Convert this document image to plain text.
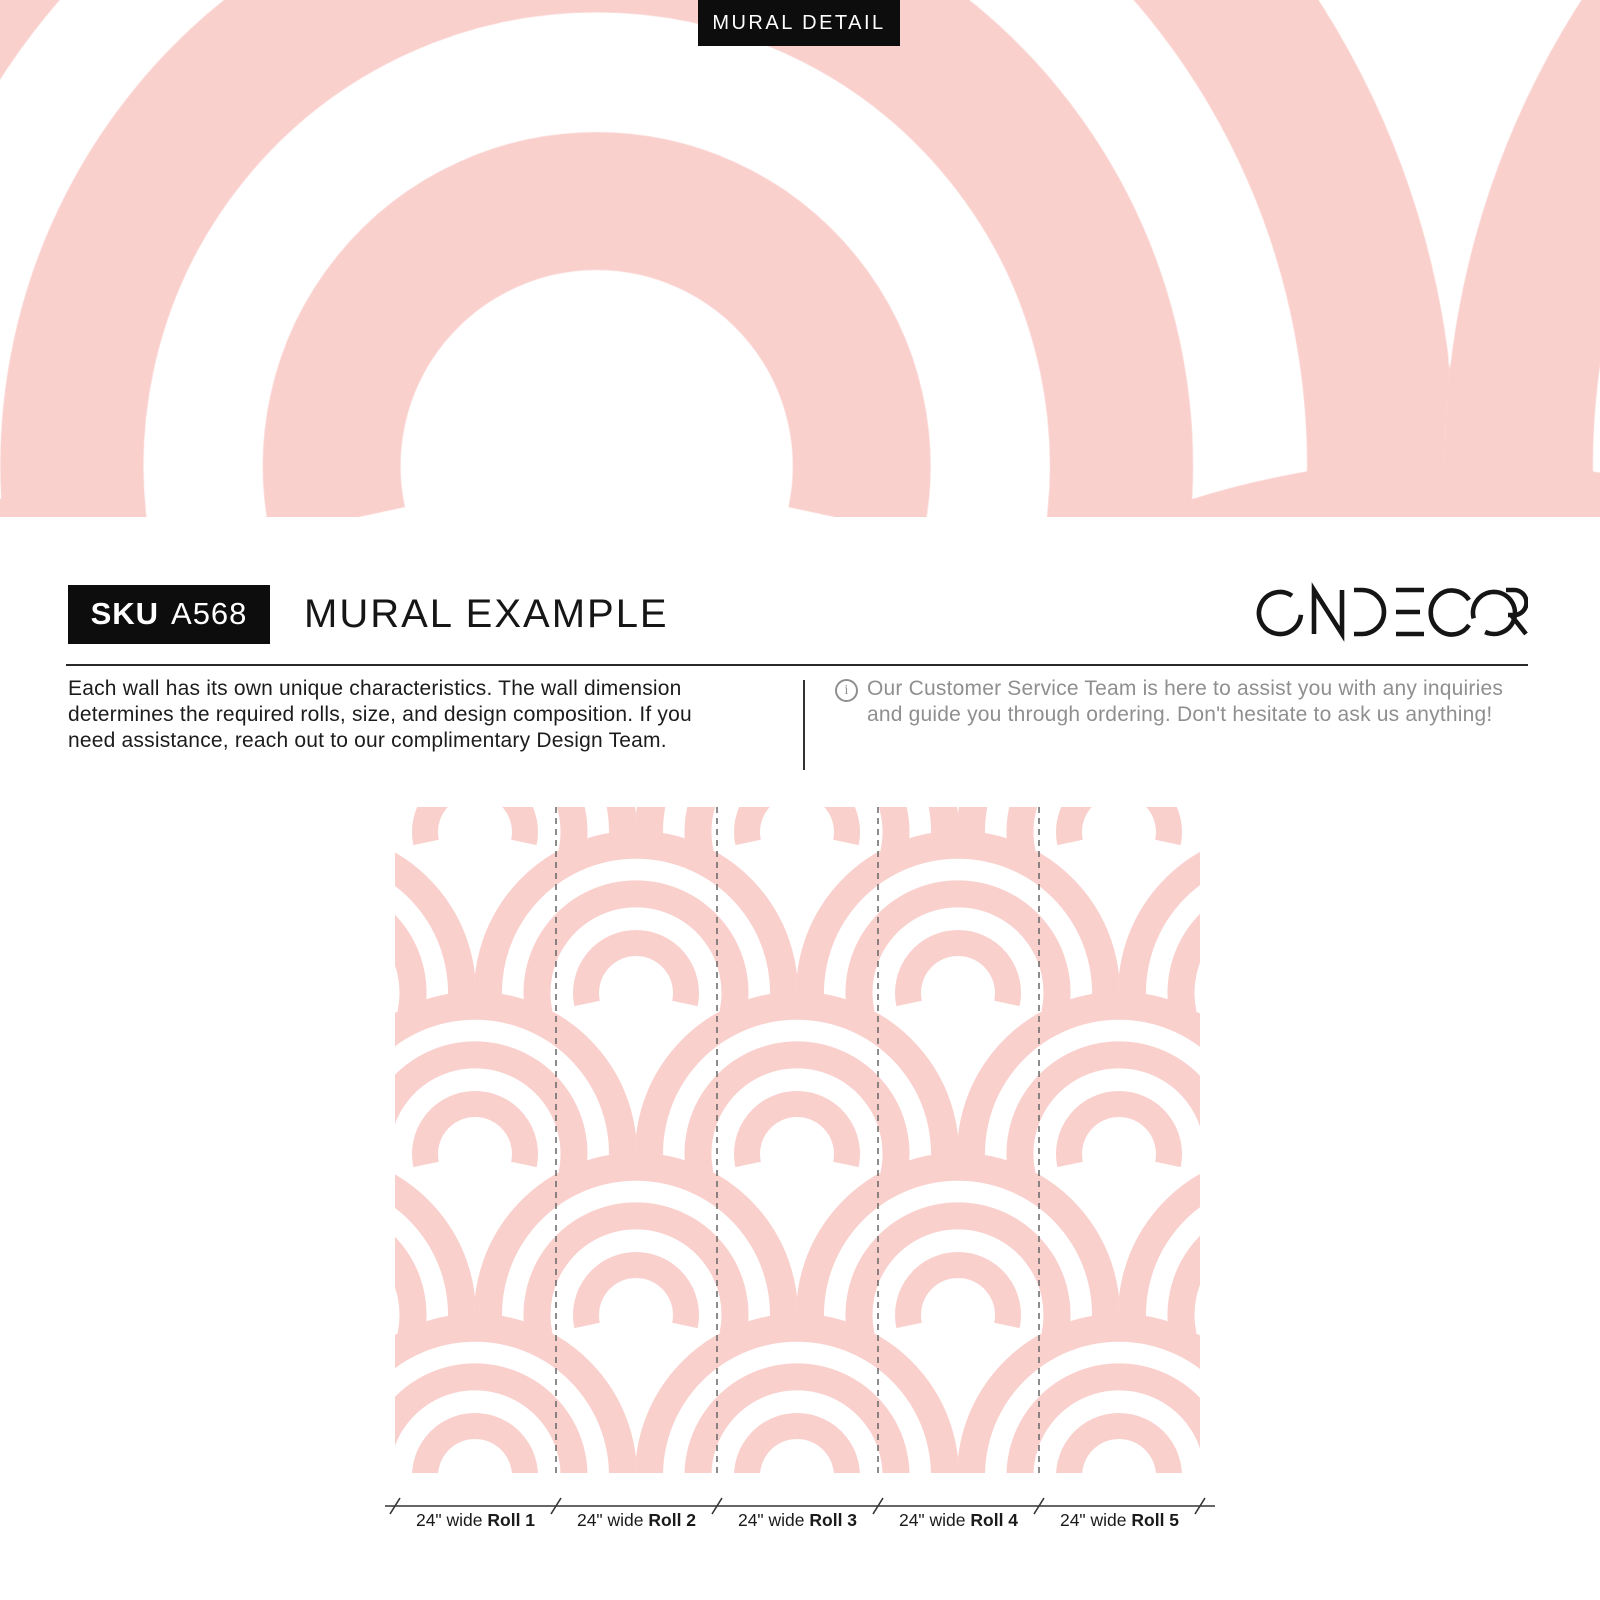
MURAL DETAIL
SKU A568 MURAL EXAMPLE
Each wall has its own unique characteristics. The wall dimension determines the required rolls, size, and design composition. If you need assistance, reach out to our complimentary Design Team.
i Our Customer Service Team is here to assist you with any inquiries and guide you through ordering. Don't hesitate to ask us anything!
24" wide Roll 1	24" wide Roll 2	24" wide Roll 3	24" wide Roll 4	24" wide Roll 5
